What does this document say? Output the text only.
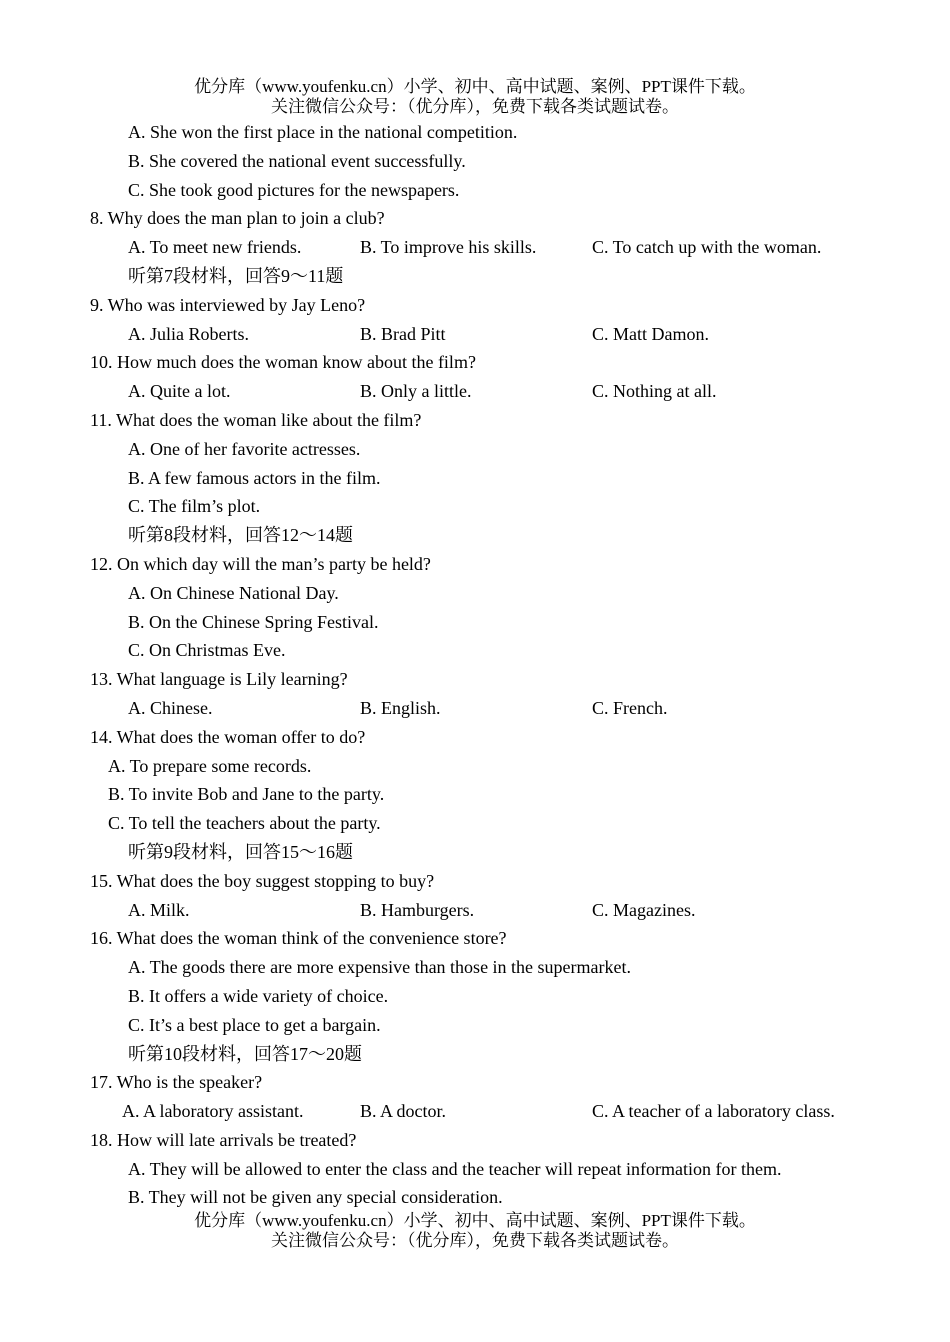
优分库（www.youfenku.cn）小学、初中、高中试题、案例、PPT课件下载。
关注微信公众号：（优分库），免费下载各类试题试卷。
A. She won the first place in the national competition.
B. She covered the national event successfully.
C. She took good pictures for the newspapers.
8. Why does the man plan to join a club?
A. To meet new friends.	B. To improve his skills.	C. To catch up with the woman.
听第7段材料，回答9～11题
9. Who was interviewed by Jay Leno?
A. Julia Roberts.	B. Brad Pitt	C. Matt Damon.
10. How much does the woman know about the film?
A. Quite a lot.	B. Only a little.	C. Nothing at all.
11. What does the woman like about the film?
A. One of her favorite actresses.
B. A few famous actors in the film.
C. The film’s plot.
听第8段材料，回答12～14题
12. On which day will the man’s party be held?
A. On Chinese National Day.
B. On the Chinese Spring Festival.
C. On Christmas Eve.
13. What language is Lily learning?
A. Chinese.	B. English.	C. French.
14. What does the woman offer to do?
A. To prepare some records.
B. To invite Bob and Jane to the party.
C. To tell the teachers about the party.
听第9段材料，回答15～16题
15. What does the boy suggest stopping to buy?
A. Milk.	B. Hamburgers.	C. Magazines.
16. What does the woman think of the convenience store?
A. The goods there are more expensive than those in the supermarket.
B. It offers a wide variety of choice.
C. It’s a best place to get a bargain.
听第10段材料，回答17～20题
17. Who is the speaker?
A. A laboratory assistant.	B. A doctor.	C. A teacher of a laboratory class.
18. How will late arrivals be treated?
A. They will be allowed to enter the class and the teacher will repeat information for them.
B. They will not be given any special consideration.
优分库（www.youfenku.cn）小学、初中、高中试题、案例、PPT课件下载。
关注微信公众号：（优分库），免费下载各类试题试卷。
